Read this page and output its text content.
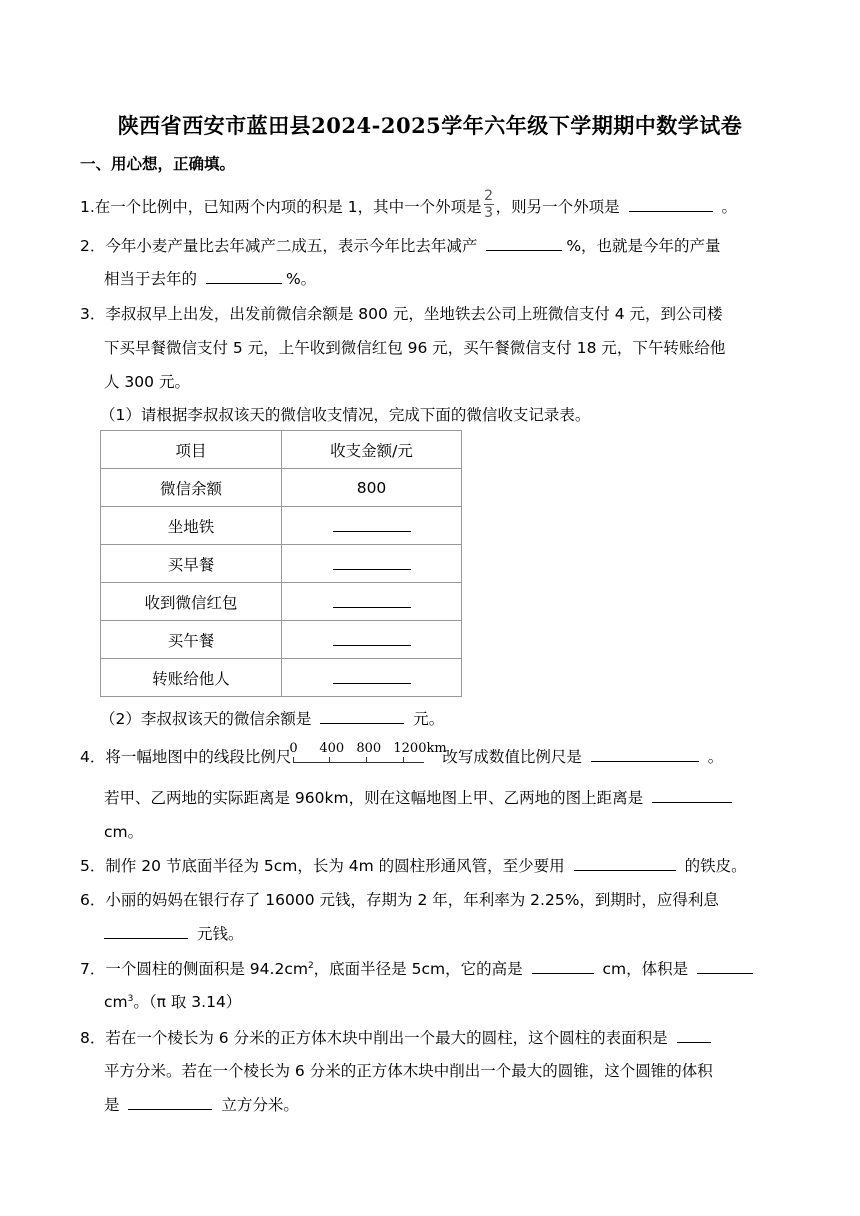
陕西省西安市蓝田县2024-2025学年六年级下学期期中数学试卷
一、用心想，正确填。
1.在一个比例中，已知两个内项的积是 1，其中一个外项是 $\frac{2}{3}$ ，则另一个外项是	。
2．今年小麦产量比去年减产二成五，表示今年比去年减产	%，也就是今年的产量
相当于去年的	%。
3．李叔叔早上出发，出发前微信余额是 800 元，坐地铁去公司上班微信支付 4 元，到公司楼
下买早餐微信支付 5 元，上午收到微信红包 96 元，买午餐微信支付 18 元，下午转账给他
人 300 元。
（1）请根据李叔叔该天的微信收支情况，完成下面的微信收支记录表。
项目	收支金额/元
微信余额	800
坐地铁	
买早餐	
收到微信红包	
买午餐	
转账给他人	
（2）李叔叔该天的微信余额是	元。
4．将一幅地图中的线段比例尺
0 400 800 1200km
改写成数值比例尺是	。
若甲、乙两地的实际距离是 960km，则在这幅地图上甲、乙两地的图上距离是
cm。
5．制作 20 节底面半径为 5cm，长为 4m 的圆柱形通风管，至少要用	的铁皮。
6．小丽的妈妈在银行存了 16000 元钱，存期为 2 年，年利率为 2.25%，到期时，应得利息
元钱。
7．一个圆柱的侧面积是 $94.2cm^2$，底面半径是 5cm，它的高是	cm，体积是
$cm^3$。（π 取 3.14）
8．若在一个棱长为 6 分米的正方体木块中削出一个最大的圆柱，这个圆柱的表面积是
平方分米。若在一个棱长为 6 分米的正方体木块中削出一个最大的圆锥，这个圆锥的体积
是	立方分米。
